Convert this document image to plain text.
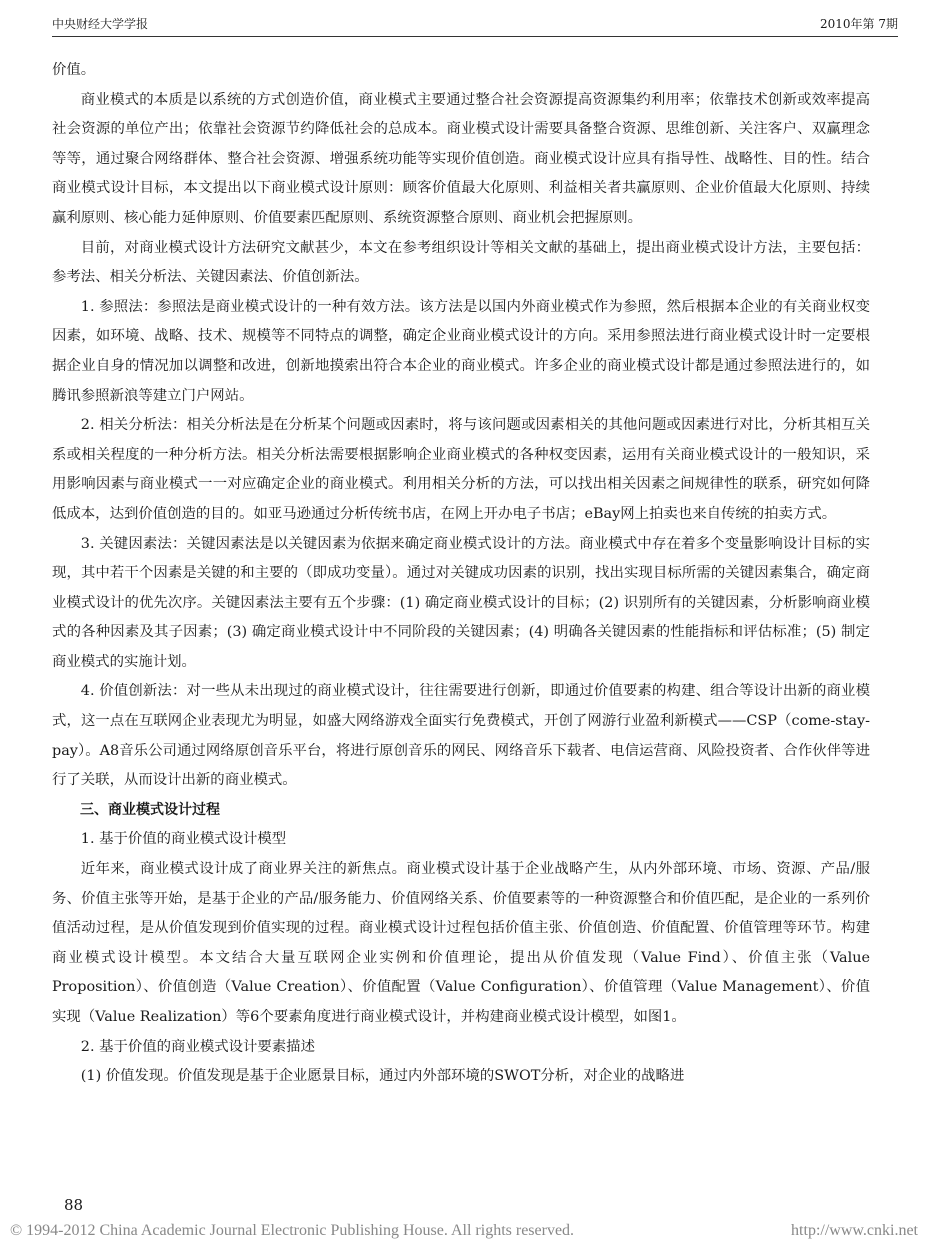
中央财经大学学报	2010年第 7期

价值。

商业模式的本质是以系统的方式创造价值，商业模式主要通过整合社会资源提高资源集约利用率；依靠技术创新或效率提高社会资源的单位产出；依靠社会资源节约降低社会的总成本。商业模式设计需要具备整合资源、思维创新、关注客户、双赢理念等等，通过聚合网络群体、整合社会资源、增强系统功能等实现价值创造。商业模式设计应具有指导性、战略性、目的性。结合商业模式设计目标，本文提出以下商业模式设计原则：顾客价值最大化原则、利益相关者共赢原则、企业价值最大化原则、持续赢利原则、核心能力延伸原则、价值要素匹配原则、系统资源整合原则、商业机会把握原则。

目前，对商业模式设计方法研究文献甚少，本文在参考组织设计等相关文献的基础上，提出商业模式设计方法，主要包括：参考法、相关分析法、关键因素法、价值创新法。

1. 参照法：参照法是商业模式设计的一种有效方法。该方法是以国内外商业模式作为参照，然后根据本企业的有关商业权变因素，如环境、战略、技术、规模等不同特点的调整，确定企业商业模式设计的方向。采用参照法进行商业模式设计时一定要根据企业自身的情况加以调整和改进，创新地摸索出符合本企业的商业模式。许多企业的商业模式设计都是通过参照法进行的，如腾讯参照新浪等建立门户网站。

2. 相关分析法：相关分析法是在分析某个问题或因素时，将与该问题或因素相关的其他问题或因素进行对比，分析其相互关系或相关程度的一种分析方法。相关分析法需要根据影响企业商业模式的各种权变因素，运用有关商业模式设计的一般知识，采用影响因素与商业模式一一对应确定企业的商业模式。利用相关分析的方法，可以找出相关因素之间规律性的联系，研究如何降低成本，达到价值创造的目的。如亚马逊通过分析传统书店，在网上开办电子书店；eBay网上拍卖也来自传统的拍卖方式。

3. 关键因素法：关键因素法是以关键因素为依据来确定商业模式设计的方法。商业模式中存在着多个变量影响设计目标的实现，其中若干个因素是关键的和主要的（即成功变量）。通过对关键成功因素的识别，找出实现目标所需的关键因素集合，确定商业模式设计的优先次序。关键因素法主要有五个步骤：(1) 确定商业模式设计的目标；(2) 识别所有的关键因素，分析影响商业模式的各种因素及其子因素；(3) 确定商业模式设计中不同阶段的关键因素；(4) 明确各关键因素的性能指标和评估标准；(5) 制定商业模式的实施计划。

4. 价值创新法：对一些从未出现过的商业模式设计，往往需要进行创新，即通过价值要素的构建、组合等设计出新的商业模式，这一点在互联网企业表现尤为明显，如盛大网络游戏全面实行免费模式，开创了网游行业盈利新模式——CSP（come-stay-pay）。A8音乐公司通过网络原创音乐平台，将进行原创音乐的网民、网络音乐下载者、电信运营商、风险投资者、合作伙伴等进行了关联，从而设计出新的商业模式。

三、商业模式设计过程

1. 基于价值的商业模式设计模型

近年来，商业模式设计成了商业界关注的新焦点。商业模式设计基于企业战略产生，从内外部环境、市场、资源、产品/服务、价值主张等开始，是基于企业的产品/服务能力、价值网络关系、价值要素等的一种资源整合和价值匹配，是企业的一系列价值活动过程，是从价值发现到价值实现的过程。商业模式设计过程包括价值主张、价值创造、价值配置、价值管理等环节。构建商业模式设计模型。本文结合大量互联网企业实例和价值理论，提出从价值发现（Value Find）、价值主张（Value Proposition）、价值创造（Value Creation）、价值配置（Value Configuration）、价值管理（Value Management）、价值实现（Value Realization）等6个要素角度进行商业模式设计，并构建商业模式设计模型，如图1。

2. 基于价值的商业模式设计要素描述

(1) 价值发现。价值发现是基于企业愿景目标，通过内外部环境的SWOT分析，对企业的战略进

88
© 1994-2012 China Academic Journal Electronic Publishing House. All rights reserved.	http://www.cnki.net
